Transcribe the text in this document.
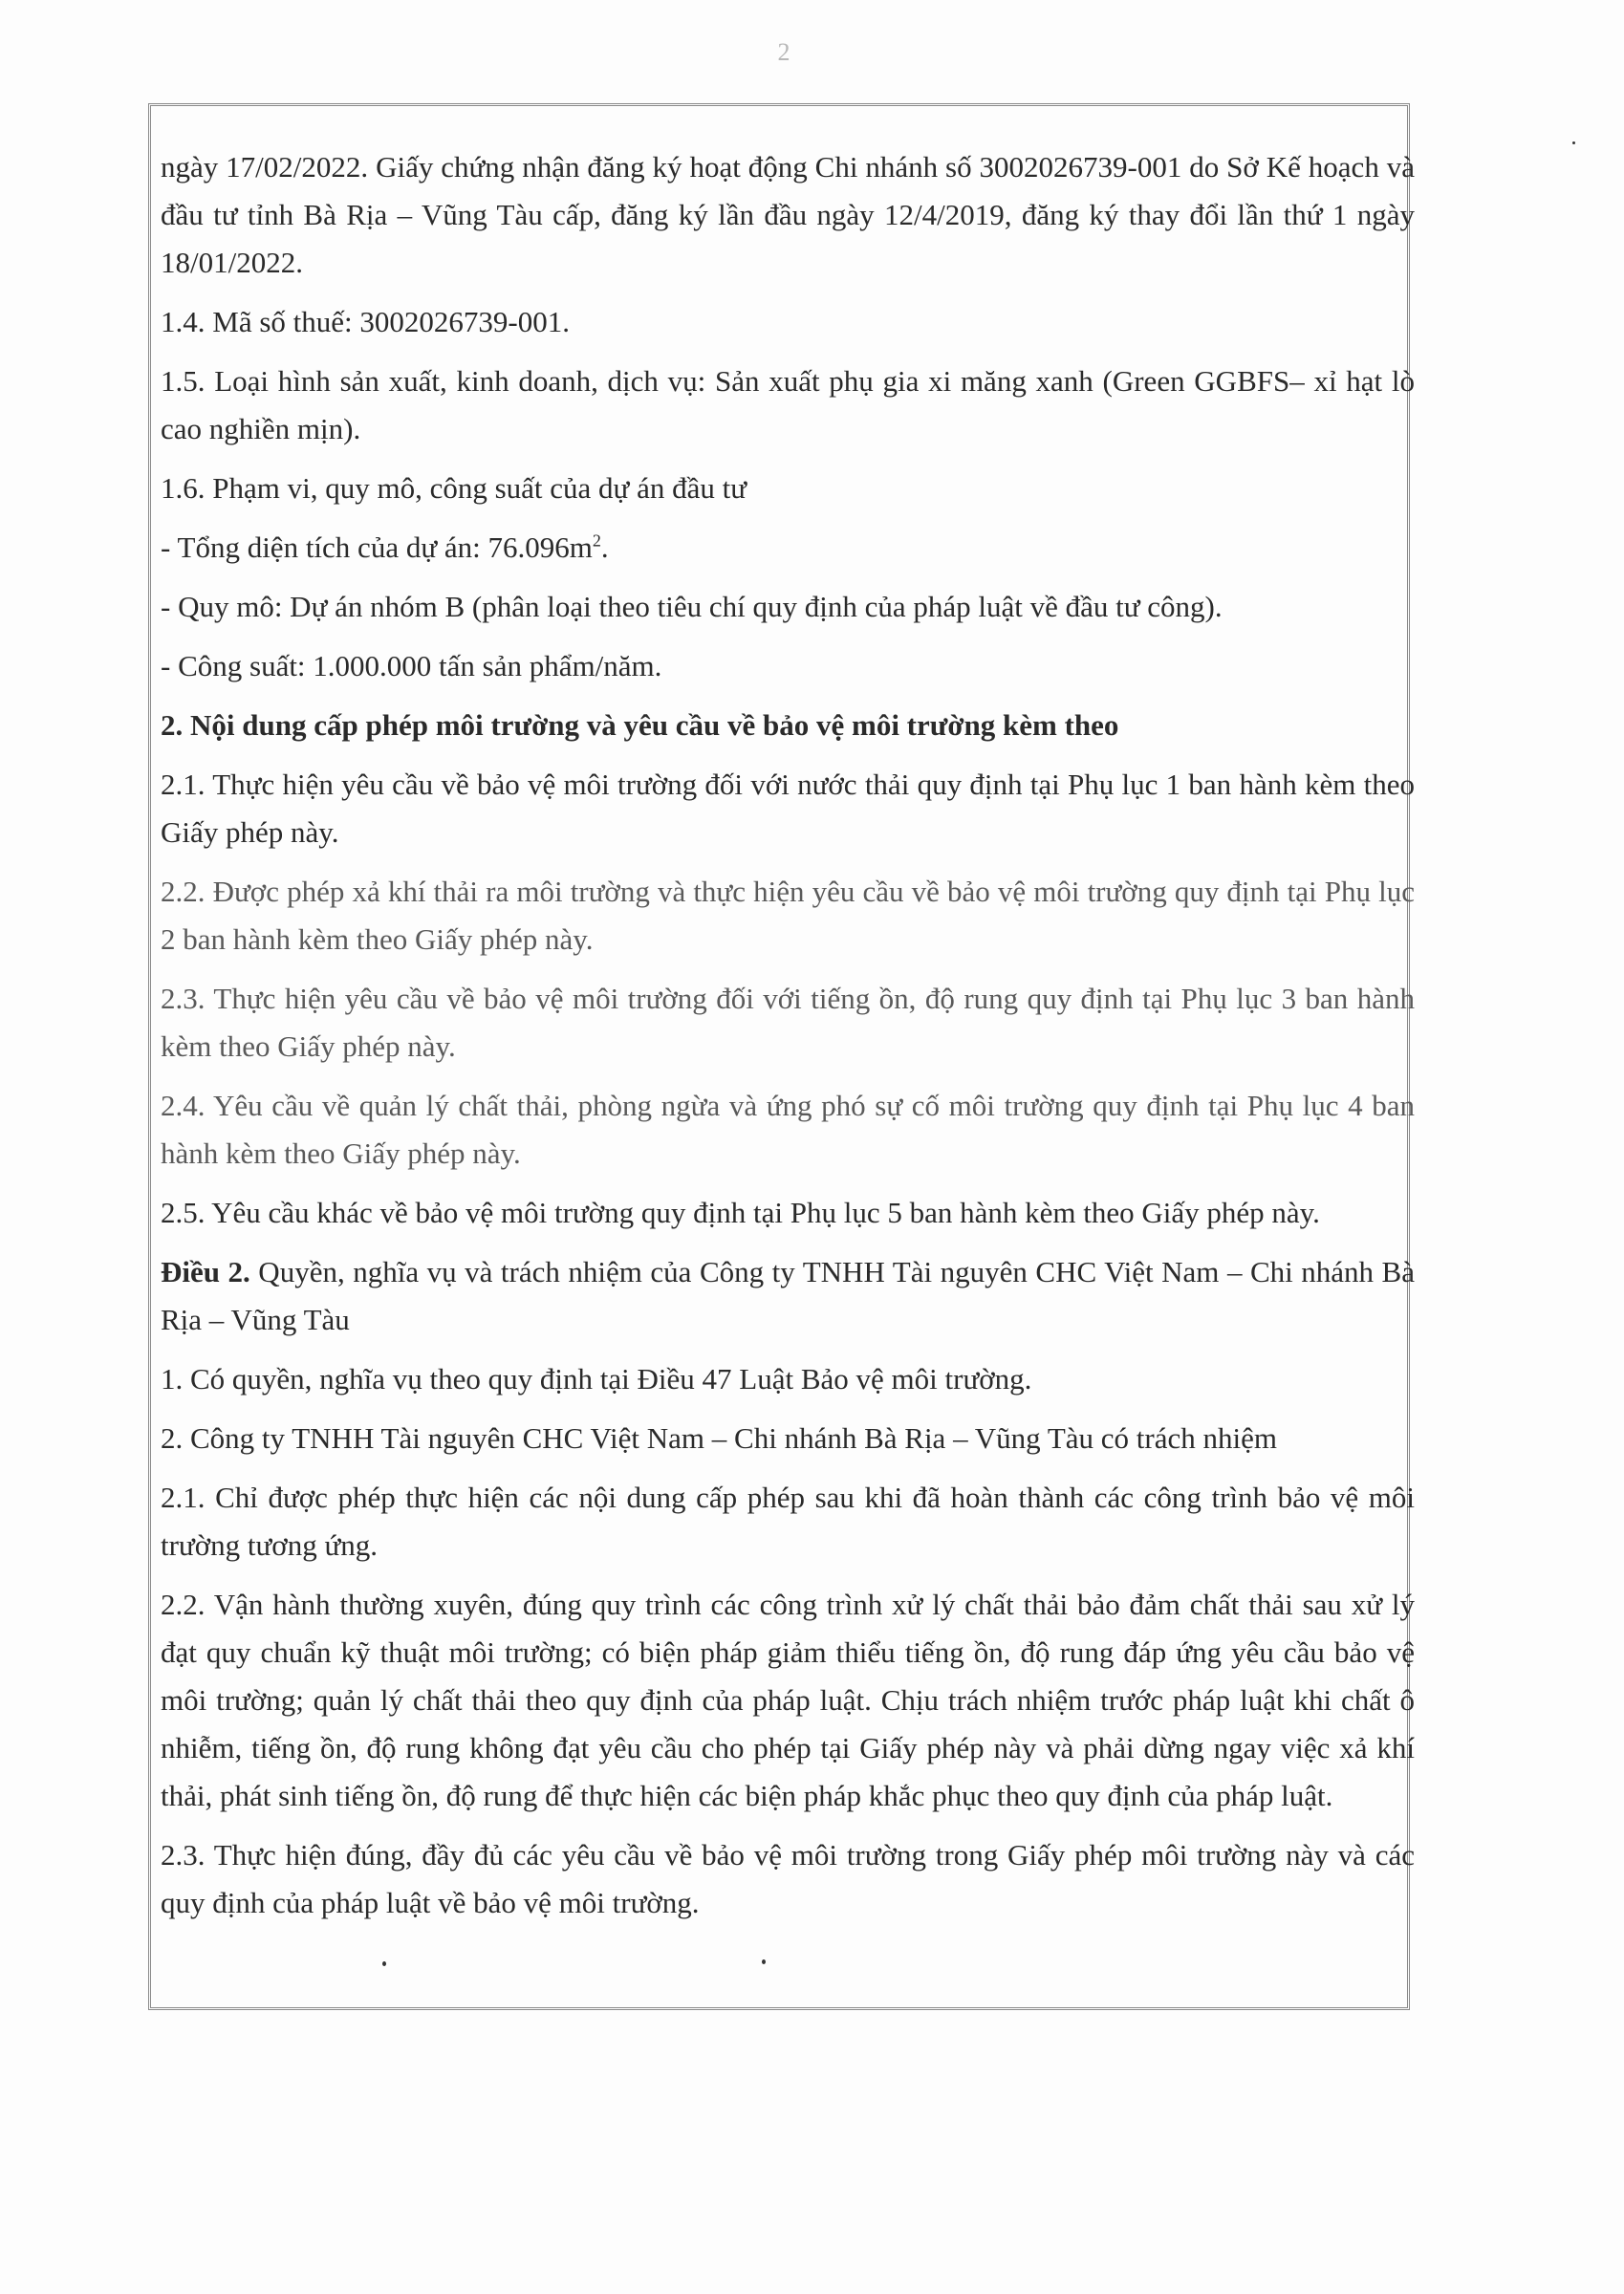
2

ngày 17/02/2022. Giấy chứng nhận đăng ký hoạt động Chi nhánh số 3002026739-001 do Sở Kế hoạch và đầu tư tỉnh Bà Rịa – Vũng Tàu cấp, đăng ký lần đầu ngày 12/4/2019, đăng ký thay đổi lần thứ 1 ngày 18/01/2022.

1.4. Mã số thuế: 3002026739-001.

1.5. Loại hình sản xuất, kinh doanh, dịch vụ: Sản xuất phụ gia xi măng xanh (Green GGBFS– xỉ hạt lò cao nghiền mịn).

1.6. Phạm vi, quy mô, công suất của dự án đầu tư

- Tổng diện tích của dự án: $76.096m^2$.

- Quy mô: Dự án nhóm B (phân loại theo tiêu chí quy định của pháp luật về đầu tư công).

- Công suất: 1.000.000 tấn sản phẩm/năm.

2. Nội dung cấp phép môi trường và yêu cầu về bảo vệ môi trường kèm theo

2.1. Thực hiện yêu cầu về bảo vệ môi trường đối với nước thải quy định tại Phụ lục 1 ban hành kèm theo Giấy phép này.

2.2. Được phép xả khí thải ra môi trường và thực hiện yêu cầu về bảo vệ môi trường quy định tại Phụ lục 2 ban hành kèm theo Giấy phép này.

2.3. Thực hiện yêu cầu về bảo vệ môi trường đối với tiếng ồn, độ rung quy định tại Phụ lục 3 ban hành kèm theo Giấy phép này.

2.4. Yêu cầu về quản lý chất thải, phòng ngừa và ứng phó sự cố môi trường quy định tại Phụ lục 4 ban hành kèm theo Giấy phép này.

2.5. Yêu cầu khác về bảo vệ môi trường quy định tại Phụ lục 5 ban hành kèm theo Giấy phép này.

Điều 2. Quyền, nghĩa vụ và trách nhiệm của Công ty TNHH Tài nguyên CHC Việt Nam – Chi nhánh Bà Rịa – Vũng Tàu

1. Có quyền, nghĩa vụ theo quy định tại Điều 47 Luật Bảo vệ môi trường.

2. Công ty TNHH Tài nguyên CHC Việt Nam – Chi nhánh Bà Rịa – Vũng Tàu có trách nhiệm

2.1. Chỉ được phép thực hiện các nội dung cấp phép sau khi đã hoàn thành các công trình bảo vệ môi trường tương ứng.

2.2. Vận hành thường xuyên, đúng quy trình các công trình xử lý chất thải bảo đảm chất thải sau xử lý đạt quy chuẩn kỹ thuật môi trường; có biện pháp giảm thiểu tiếng ồn, độ rung đáp ứng yêu cầu bảo vệ môi trường; quản lý chất thải theo quy định của pháp luật. Chịu trách nhiệm trước pháp luật khi chất ô nhiễm, tiếng ồn, độ rung không đạt yêu cầu cho phép tại Giấy phép này và phải dừng ngay việc xả khí thải, phát sinh tiếng ồn, độ rung để thực hiện các biện pháp khắc phục theo quy định của pháp luật.

2.3. Thực hiện đúng, đầy đủ các yêu cầu về bảo vệ môi trường trong Giấy phép môi trường này và các quy định của pháp luật về bảo vệ môi trường.
